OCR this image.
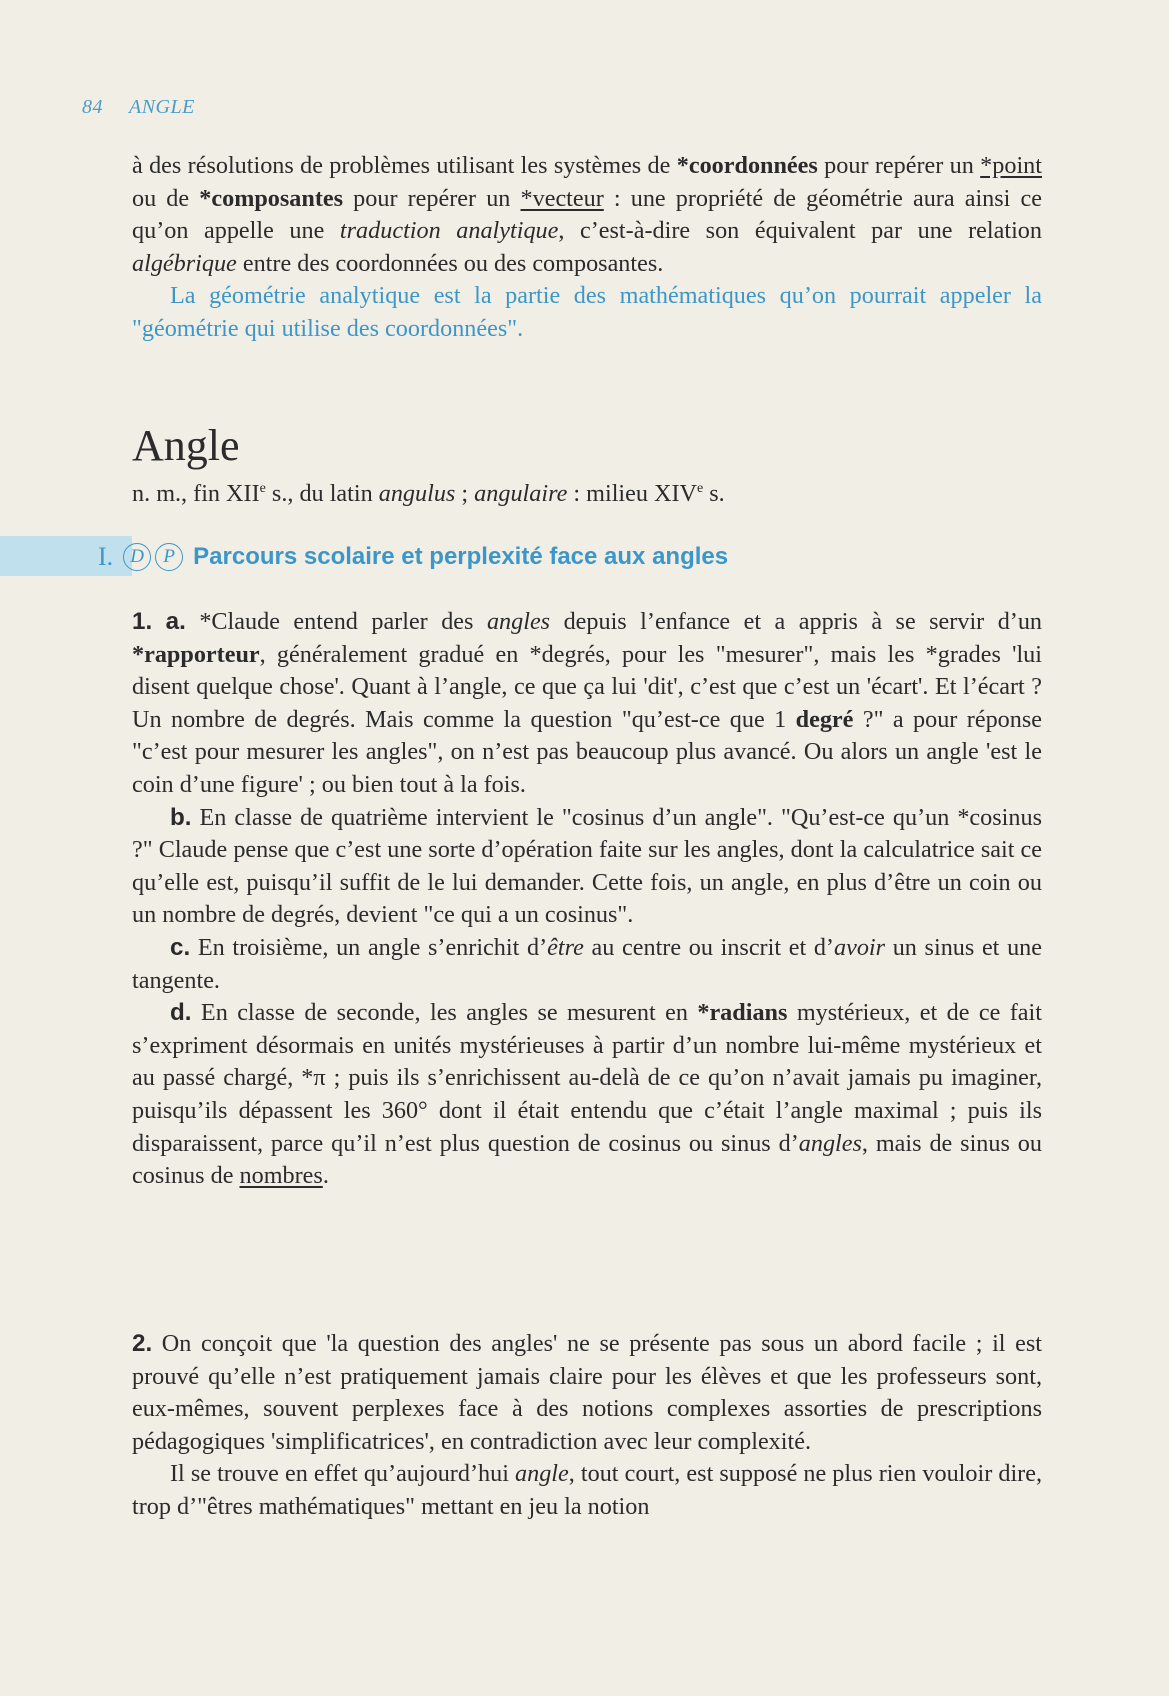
84 ANGLE

à des résolutions de problèmes utilisant les systèmes de *coordonnées pour repérer un *point ou de *composantes pour repérer un *vecteur : une propriété de géométrie aura ainsi ce qu’on appelle une traduction analytique, c’est-à-dire son équivalent par une relation algébrique entre des coordonnées ou des composantes.

La géométrie analytique est la partie des mathématiques qu’on pourrait appeler la "géométrie qui utilise des coordonnées".

Angle
n. m., fin XIIe s., du latin angulus ; angulaire : milieu XIVe s.
I. D	P Parcours scolaire et perplexité face aux angles

1. a. *Claude entend parler des angles depuis l’enfance et a appris à se servir d’un *rapporteur, généralement gradué en *degrés, pour les "mesurer", mais les *grades 'lui disent quelque chose'. Quant à l’angle, ce que ça lui 'dit', c’est que c’est un 'écart'. Et l’écart ? Un nombre de degrés. Mais comme la question "qu’est-ce que 1 degré ?" a pour réponse "c’est pour mesurer les angles", on n’est pas beaucoup plus avancé. Ou alors un angle 'est le coin d’une figure' ; ou bien tout à la fois.

b. En classe de quatrième intervient le "cosinus d’un angle". "Qu’est-ce qu’un *cosinus ?" Claude pense que c’est une sorte d’opération faite sur les angles, dont la calculatrice sait ce qu’elle est, puisqu’il suffit de le lui demander. Cette fois, un angle, en plus d’être un coin ou un nombre de degrés, devient "ce qui a un cosinus".

c. En troisième, un angle s’enrichit d’être au centre ou inscrit et d’avoir un sinus et une tangente.

d. En classe de seconde, les angles se mesurent en *radians mystérieux, et de ce fait s’expriment désormais en unités mystérieuses à partir d’un nombre lui-même mystérieux et au passé chargé, *π ; puis ils s’enrichissent au-delà de ce qu’on n’avait jamais pu imaginer, puisqu’ils dépassent les 360° dont il était entendu que c’était l’angle maximal ; puis ils disparaissent, parce qu’il n’est plus question de cosinus ou sinus d’angles, mais de sinus ou cosinus de nombres.

2. On conçoit que 'la question des angles' ne se présente pas sous un abord facile ; il est prouvé qu’elle n’est pratiquement jamais claire pour les élèves et que les professeurs sont, eux-mêmes, souvent perplexes face à des notions complexes assorties de prescriptions pédagogiques 'simplificatrices', en contradiction avec leur complexité.

Il se trouve en effet qu’aujourd’hui angle, tout court, est supposé ne plus rien vouloir dire, trop d’"êtres mathématiques" mettant en jeu la notion
